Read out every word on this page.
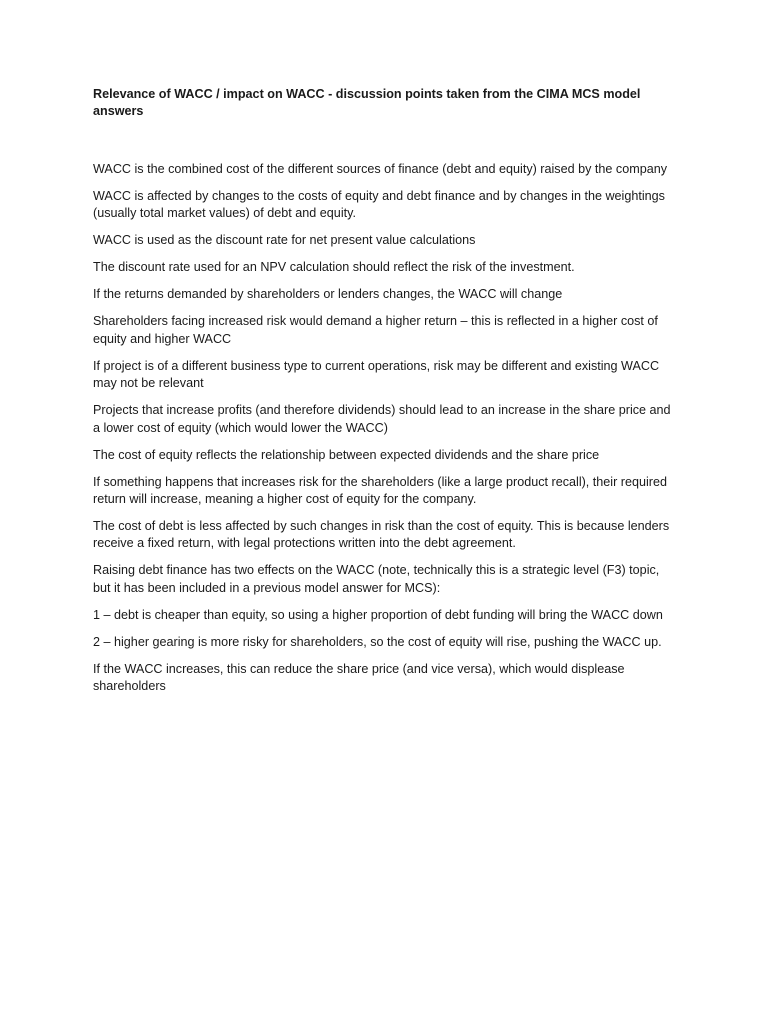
Relevance of WACC / impact on WACC - discussion points taken from the CIMA MCS model answers

WACC is the combined cost of the different sources of finance (debt and equity) raised by the company

WACC is affected by changes to the costs of equity and debt finance and by changes in the weightings (usually total market values) of debt and equity.

WACC is used as the discount rate for net present value calculations

The discount rate used for an NPV calculation should reflect the risk of the investment.

If the returns demanded by shareholders or lenders changes, the WACC will change

Shareholders facing increased risk would demand a higher return – this is reflected in a higher cost of equity and higher WACC

If project is of a different business type to current operations, risk may be different and existing WACC may not be relevant

Projects that increase profits (and therefore dividends) should lead to an increase in the share price and a lower cost of equity (which would lower the WACC)

The cost of equity reflects the relationship between expected dividends and the share price

If something happens that increases risk for the shareholders (like a large product recall), their required return will increase, meaning a higher cost of equity for the company.

The cost of debt is less affected by such changes in risk than the cost of equity. This is because lenders receive a fixed return, with legal protections written into the debt agreement.

Raising debt finance has two effects on the WACC (note, technically this is a strategic level (F3) topic, but it has been included in a previous model answer for MCS):

1 – debt is cheaper than equity, so using a higher proportion of debt funding will bring the WACC down

2 – higher gearing is more risky for shareholders, so the cost of equity will rise, pushing the WACC up.

If the WACC increases, this can reduce the share price (and vice versa), which would displease shareholders
